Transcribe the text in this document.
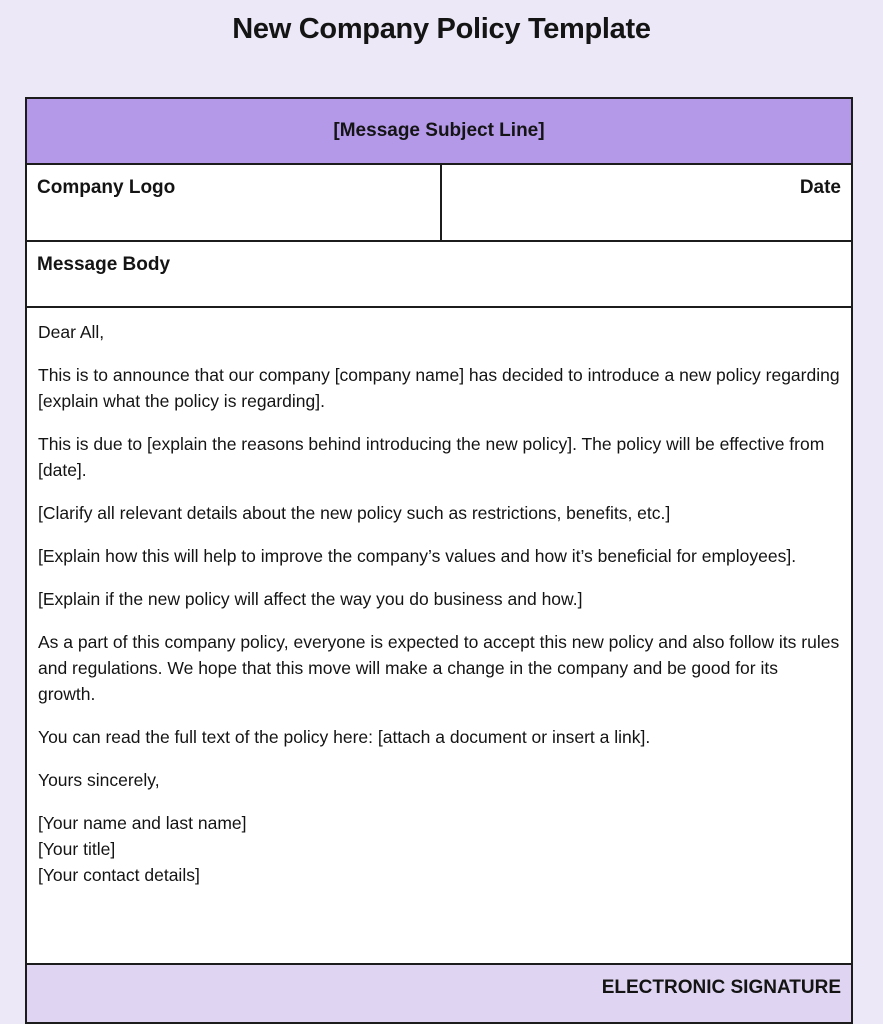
New Company Policy Template
[Message Subject Line]
Company Logo	Date
Message Body

Dear All,

This is to announce that our company [company name] has decided to introduce a new policy regarding [explain what the policy is regarding].

This is due to [explain the reasons behind introducing the new policy]. The policy will be effective from [date].

[Clarify all relevant details about the new policy such as restrictions, benefits, etc.]

[Explain how this will help to improve the company’s values and how it’s beneficial for employees].

[Explain if the new policy will affect the way you do business and how.]

As a part of this company policy, everyone is expected to accept this new policy and also follow its rules and regulations. We hope that this move will make a change in the company and be good for its growth.

You can read the full text of the policy here: [attach a document or insert a link].

Yours sincerely,

[Your name and last name]
[Your title]
[Your contact details]
ELECTRONIC SIGNATURE
